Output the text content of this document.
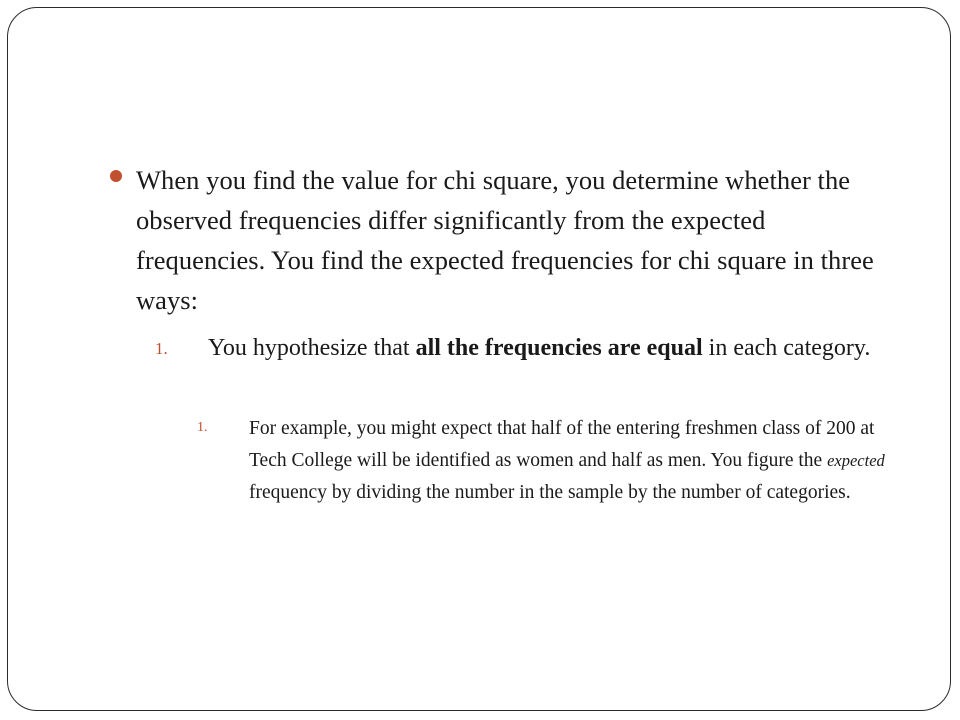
When you find the value for chi square, you determine whether the observed frequencies differ significantly from the expected frequencies. You find the expected frequencies for chi square in three ways:

1. You hypothesize that all the frequencies are equal in each category.

1. For example, you might expect that half of the entering freshmen class of 200 at Tech College will be identified as women and half as men. You figure the expected frequency by dividing the number in the sample by the number of categories.
